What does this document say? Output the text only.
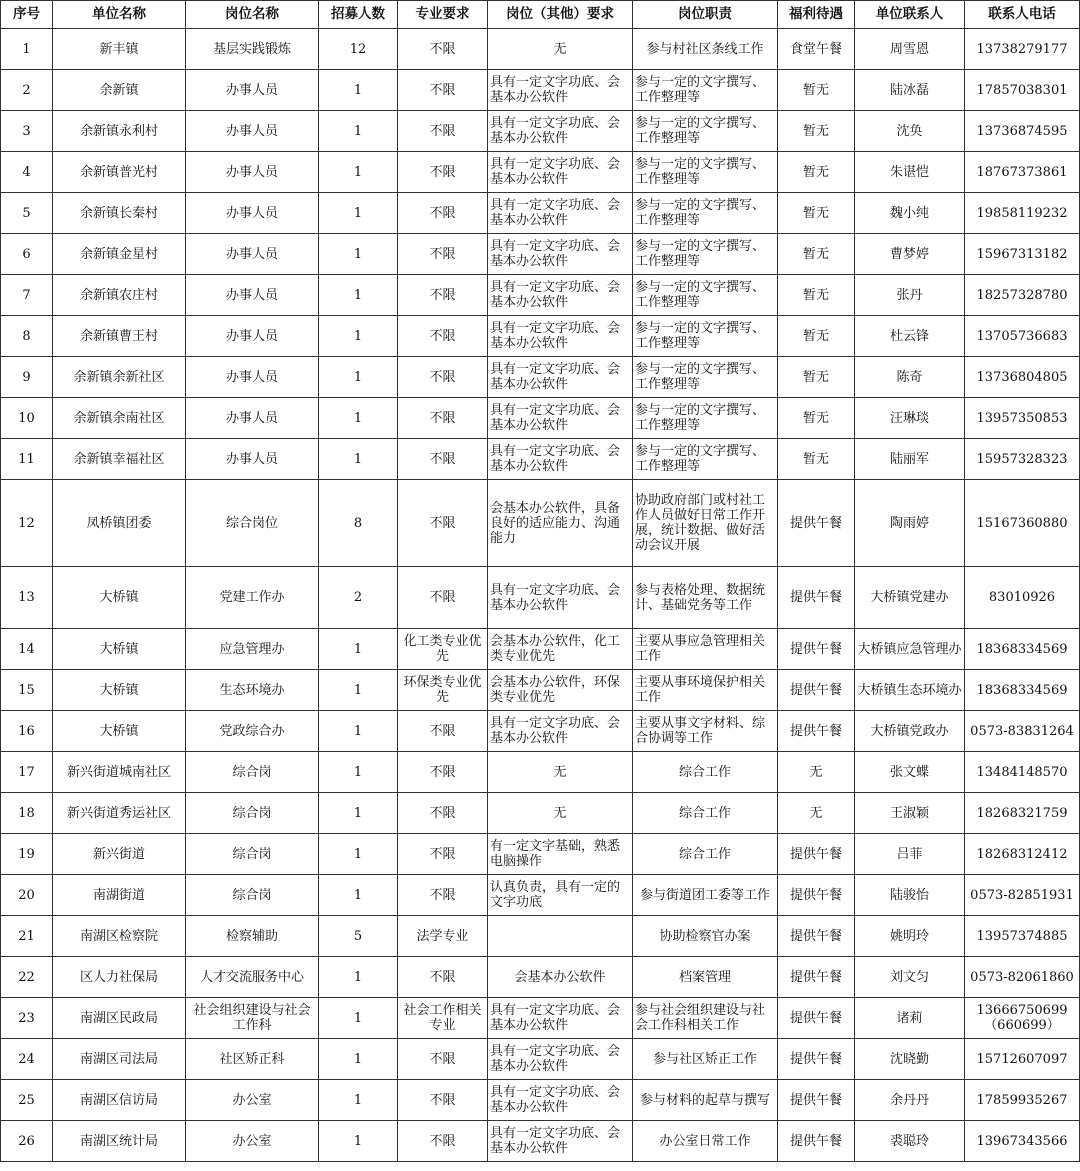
序号	单位名称	岗位名称	招募人数	专业要求	岗位（其他）要求	岗位职责	福利待遇	单位联系人	联系人电话
1	新丰镇	基层实践锻炼	12	不限	无	参与村社区条线工作	食堂午餐	周雪恩	13738279177
2	余新镇	办事人员	1	不限	具有一定文字功底、会基本办公软件	参与一定的文字撰写、工作整理等	暂无	陆冰磊	17857038301
3	余新镇永利村	办事人员	1	不限	具有一定文字功底、会基本办公软件	参与一定的文字撰写、工作整理等	暂无	沈奂	13736874595
4	余新镇普光村	办事人员	1	不限	具有一定文字功底、会基本办公软件	参与一定的文字撰写、工作整理等	暂无	朱谌恺	18767373861
5	余新镇长秦村	办事人员	1	不限	具有一定文字功底、会基本办公软件	参与一定的文字撰写、工作整理等	暂无	魏小纯	19858119232
6	余新镇金星村	办事人员	1	不限	具有一定文字功底、会基本办公软件	参与一定的文字撰写、工作整理等	暂无	曹梦婷	15967313182
7	余新镇农庄村	办事人员	1	不限	具有一定文字功底、会基本办公软件	参与一定的文字撰写、工作整理等	暂无	张丹	18257328780
8	余新镇曹王村	办事人员	1	不限	具有一定文字功底、会基本办公软件	参与一定的文字撰写、工作整理等	暂无	杜云锋	13705736683
9	余新镇余新社区	办事人员	1	不限	具有一定文字功底、会基本办公软件	参与一定的文字撰写、工作整理等	暂无	陈奇	13736804805
10	余新镇余南社区	办事人员	1	不限	具有一定文字功底、会基本办公软件	参与一定的文字撰写、工作整理等	暂无	汪琳琰	13957350853
11	余新镇幸福社区	办事人员	1	不限	具有一定文字功底、会基本办公软件	参与一定的文字撰写、工作整理等	暂无	陆丽军	15957328323
12	凤桥镇团委	综合岗位	8	不限	会基本办公软件，具备良好的适应能力、沟通能力	协助政府部门或村社工作人员做好日常工作开展，统计数据、做好活动会议开展	提供午餐	陶雨婷	15167360880
13	大桥镇	党建工作办	2	不限	具有一定文字功底、会基本办公软件	参与表格处理、数据统计、基础党务等工作	提供午餐	大桥镇党建办	83010926
14	大桥镇	应急管理办	1	化工类专业优先	会基本办公软件，化工类专业优先	主要从事应急管理相关工作	提供午餐	大桥镇应急管理办	18368334569
15	大桥镇	生态环境办	1	环保类专业优先	会基本办公软件，环保类专业优先	主要从事环境保护相关工作	提供午餐	大桥镇生态环境办	18368334569
16	大桥镇	党政综合办	1	不限	具有一定文字功底、会基本办公软件	主要从事文字材料、综合协调等工作	提供午餐	大桥镇党政办	0573-83831264
17	新兴街道城南社区	综合岗	1	不限	无	综合工作	无	张文蝶	13484148570
18	新兴街道秀运社区	综合岗	1	不限	无	综合工作	无	王淑颖	18268321759
19	新兴街道	综合岗	1	不限	有一定文字基础，熟悉电脑操作	综合工作	提供午餐	吕菲	18268312412
20	南湖街道	综合岗	1	不限	认真负责，具有一定的文字功底	参与街道团工委等工作	提供午餐	陆骏怡	0573-82851931
21	南湖区检察院	检察辅助	5	法学专业		协助检察官办案	提供午餐	姚明玲	13957374885
22	区人力社保局	人才交流服务中心	1	不限	会基本办公软件	档案管理	提供午餐	刘文匀	0573-82061860
23	南湖区民政局	社会组织建设与社会工作科	1	社会工作相关专业	具有一定文字功底、会基本办公软件	参与社会组织建设与社会工作科相关工作	提供午餐	诸莉	13666750699（660699）
24	南湖区司法局	社区矫正科	1	不限	具有一定文字功底、会基本办公软件	参与社区矫正工作	提供午餐	沈晓勤	15712607097
25	南湖区信访局	办公室	1	不限	具有一定文字功底、会基本办公软件	参与材料的起草与撰写	提供午餐	余丹丹	17859935267
26	南湖区统计局	办公室	1	不限	具有一定文字功底、会基本办公软件	办公室日常工作	提供午餐	裘聪玲	13967343566
